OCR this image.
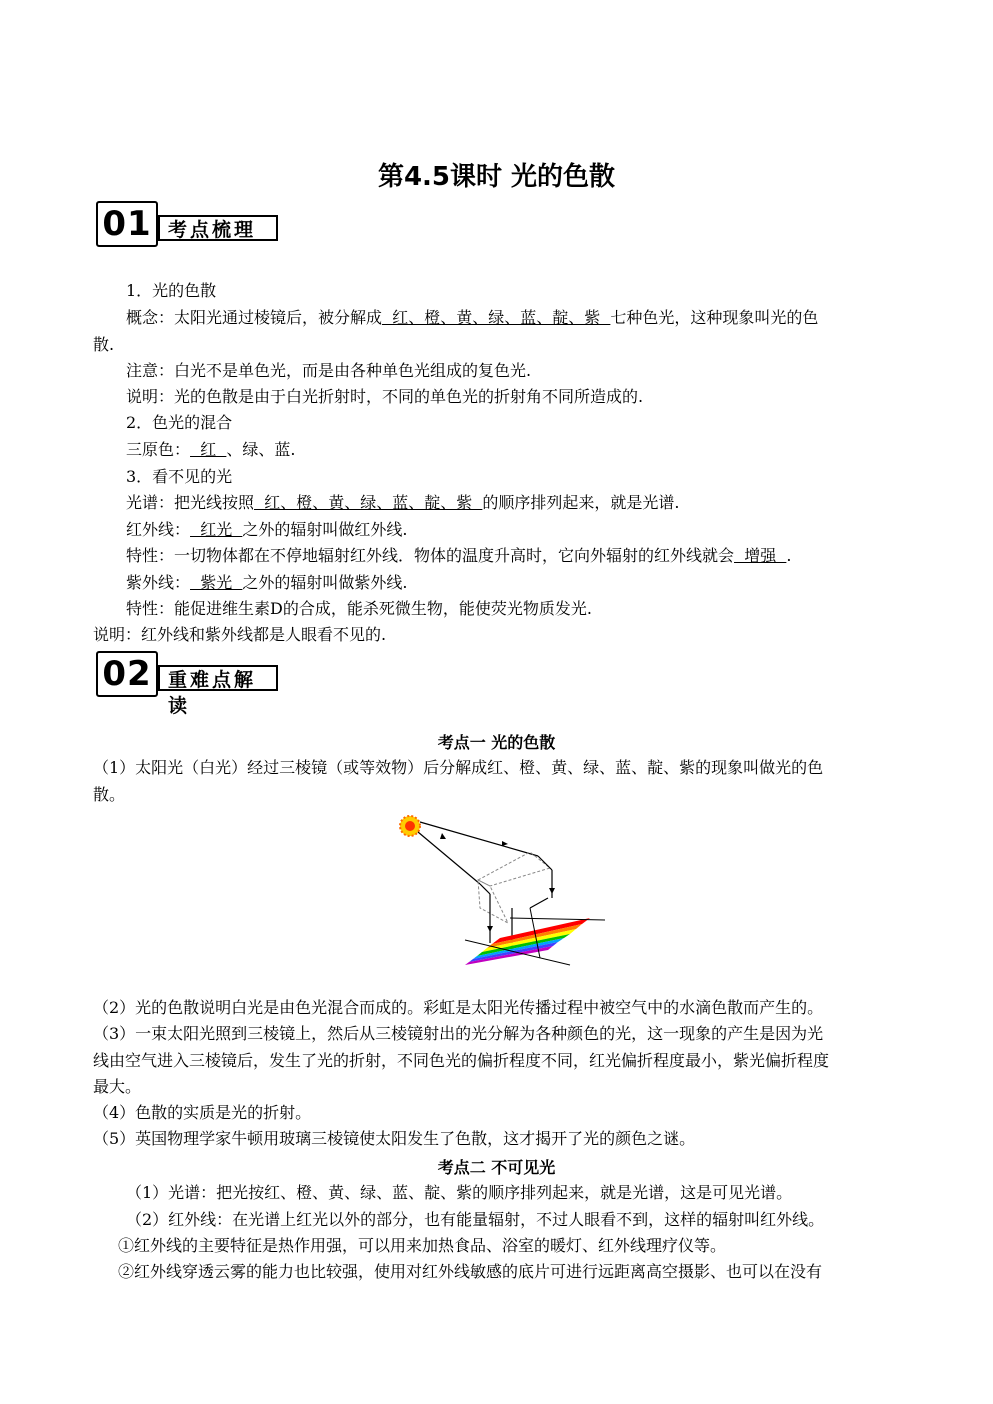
第4.5课时 光的色散
01 考点梳理
1．光的色散
概念：太阳光通过棱镜后，被分解成  红、橙、黄、绿、蓝、靛、紫  七种色光，这种现象叫光的色
散.
注意：白光不是单色光，而是由各种单色光组成的复色光.
说明：光的色散是由于白光折射时，不同的单色光的折射角不同所造成的.
2．色光的混合
三原色：  红  、绿、蓝.
3．看不见的光
光谱：把光线按照  红、橙、黄、绿、蓝、靛、紫  的顺序排列起来，就是光谱.
红外线：  红光  之外的辐射叫做红外线.
特性：一切物体都在不停地辐射红外线．物体的温度升高时，它向外辐射的红外线就会  增强  .
紫外线：  紫光  之外的辐射叫做紫外线.
特性：能促进维生素D的合成，能杀死微生物，能使荧光物质发光.
说明：红外线和紫外线都是人眼看不见的.
02 重难点解读
考点一 光的色散
（1）太阳光（白光）经过三棱镜（或等效物）后分解成红、橙、黄、绿、蓝、靛、紫的现象叫做光的色
散。
（2）光的色散说明白光是由色光混合而成的。彩虹是太阳光传播过程中被空气中的水滴色散而产生的。
（3）一束太阳光照到三棱镜上，然后从三棱镜射出的光分解为各种颜色的光，这一现象的产生是因为光
线由空气进入三棱镜后，发生了光的折射，不同色光的偏折程度不同，红光偏折程度最小，紫光偏折程度
最大。
（4）色散的实质是光的折射。
（5）英国物理学家牛顿用玻璃三棱镜使太阳发生了色散，这才揭开了光的颜色之谜。
考点二 不可见光
（1）光谱：把光按红、橙、黄、绿、蓝、靛、紫的顺序排列起来，就是光谱，这是可见光谱。
（2）红外线：在光谱上红光以外的部分，也有能量辐射，不过人眼看不到，这样的辐射叫红外线。
①红外线的主要特征是热作用强，可以用来加热食品、浴室的暖灯、红外线理疗仪等。
②红外线穿透云雾的能力也比较强，使用对红外线敏感的底片可进行远距离高空摄影、也可以在没有
